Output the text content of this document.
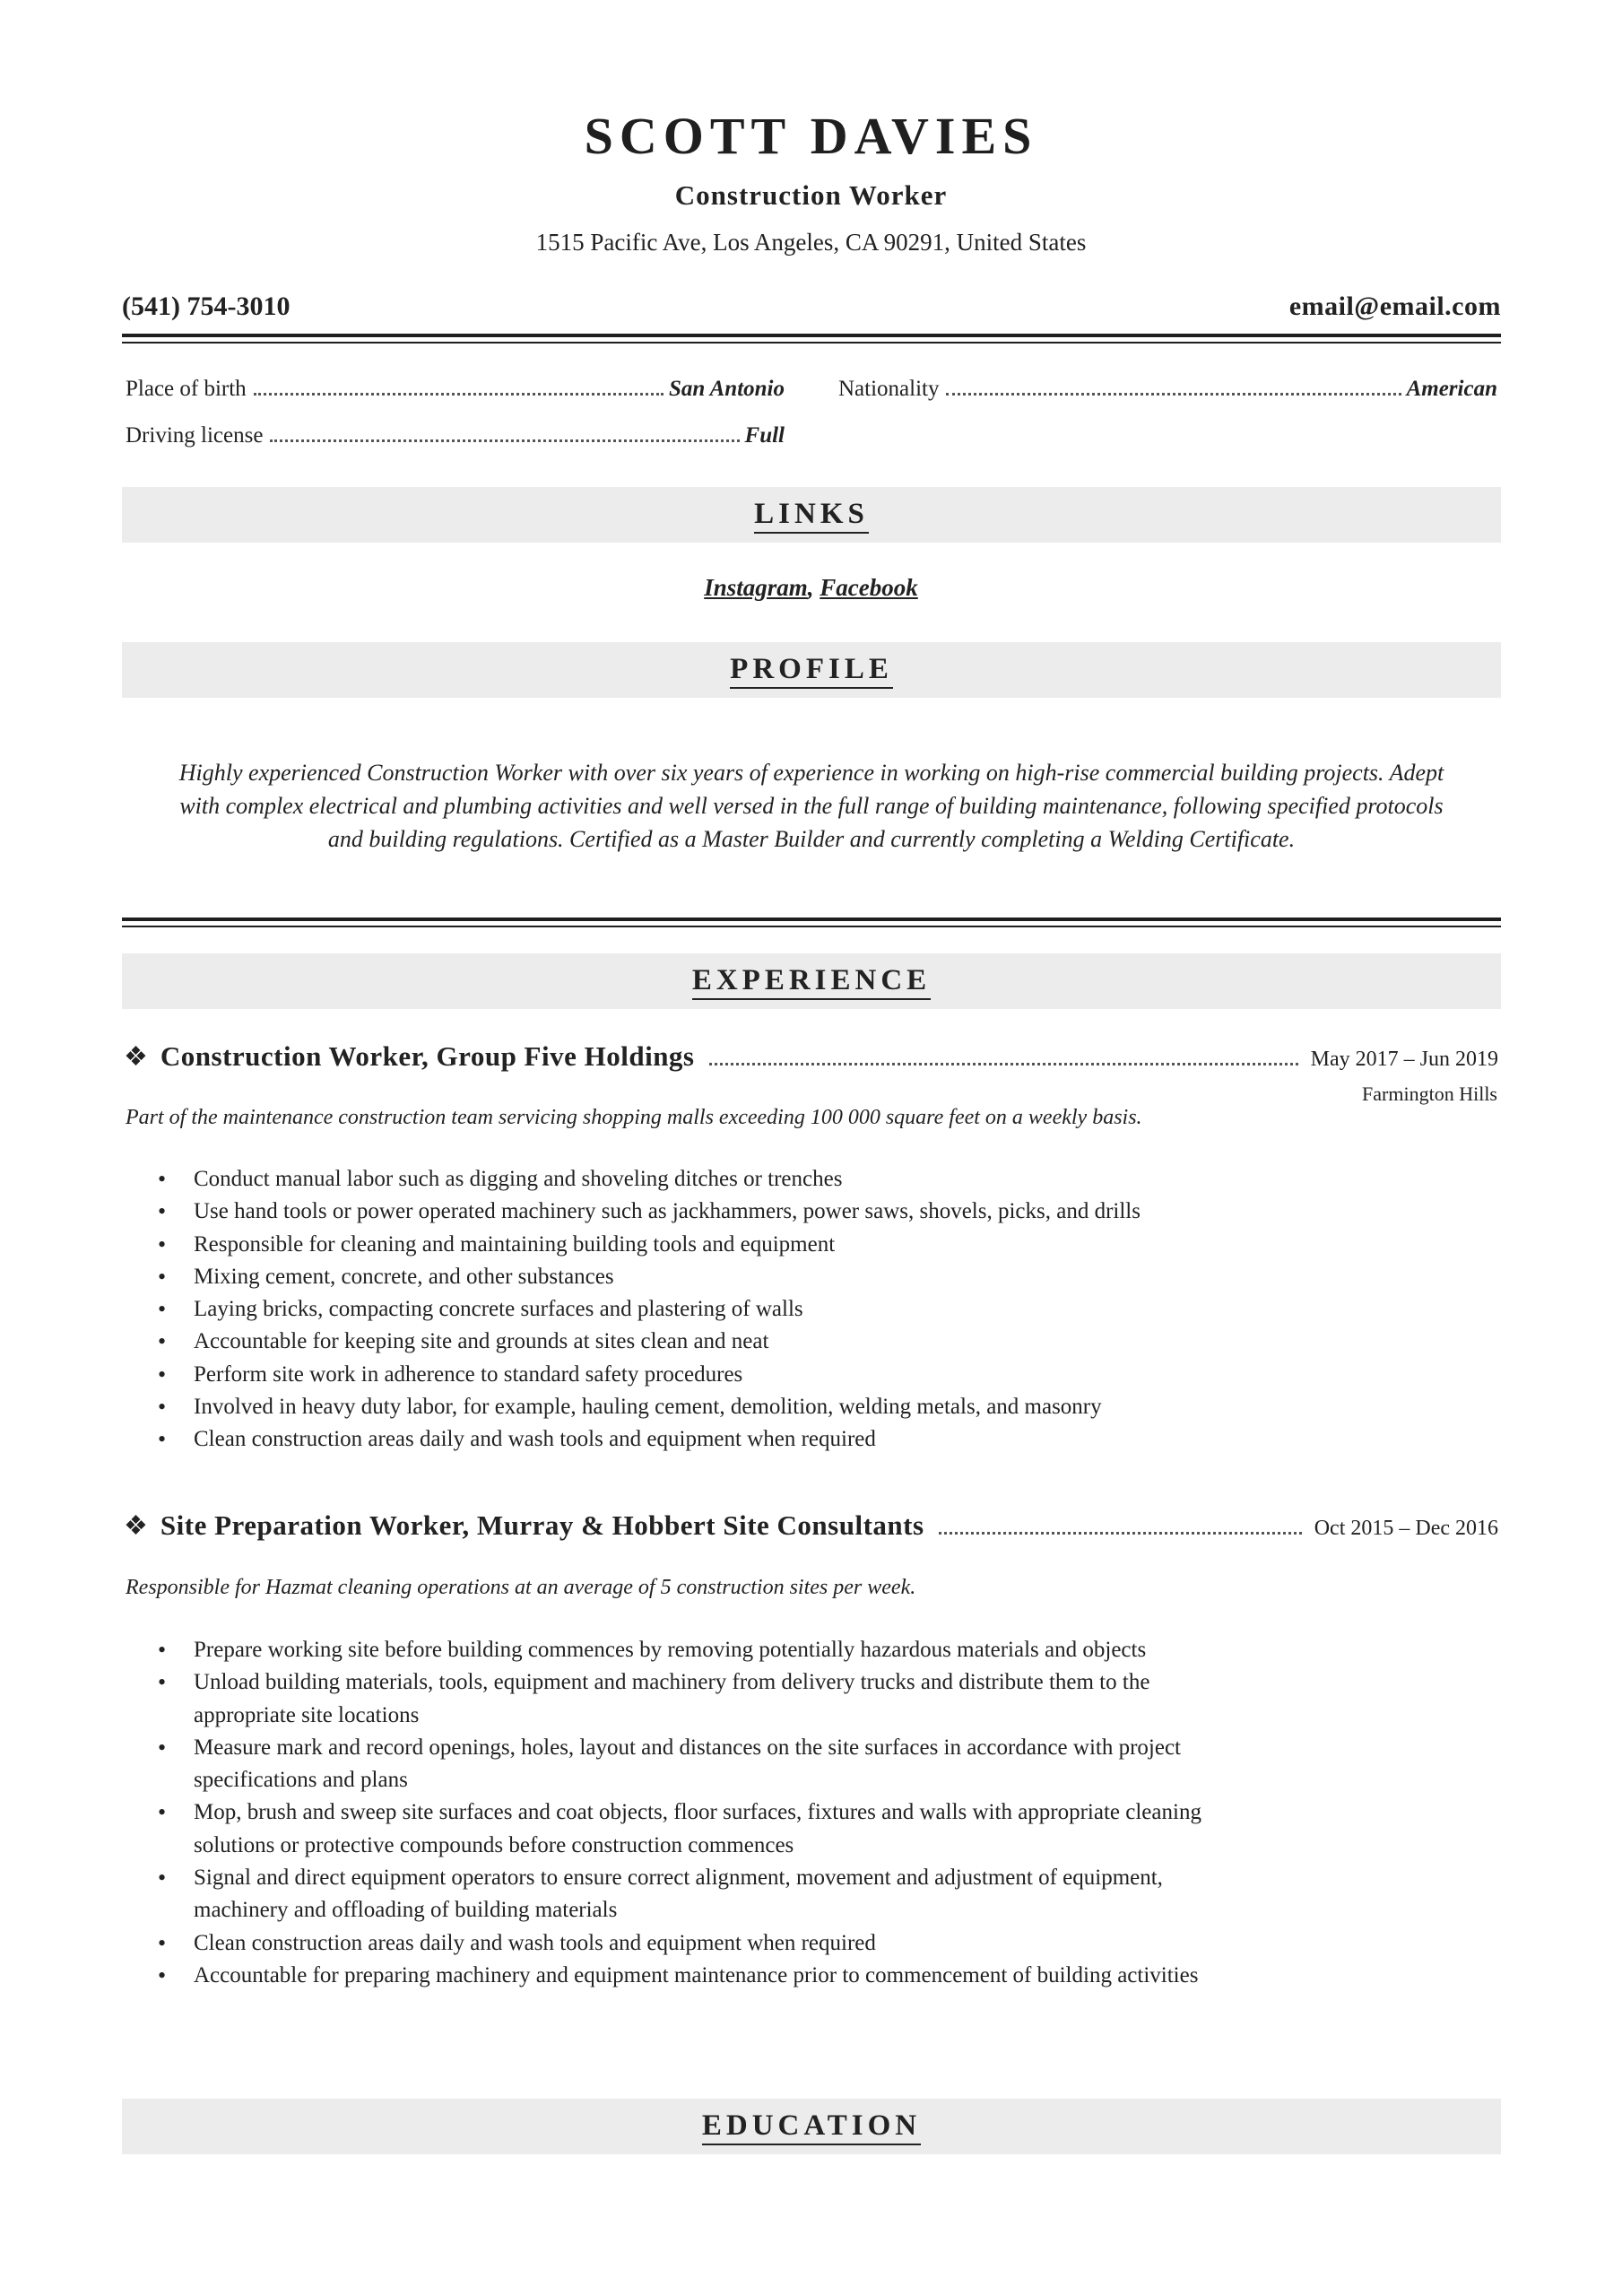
SCOTT DAVIES
Construction Worker
1515 Pacific Ave, Los Angeles, CA 90291, United States
(541) 754-3010	email@email.com
Place of birth	San Antonio Nationality	American
Driving license	Full
LINKS
Instagram, Facebook
PROFILE
Highly experienced Construction Worker with over six years of experience in working on high-rise commercial building projects. Adept with complex electrical and plumbing activities and well versed in the full range of building maintenance, following specified protocols and building regulations. Certified as a Master Builder and currently completing a Welding Certificate.
EXPERIENCE
❖ Construction Worker, Group Five Holdings	May 2017 – Jun 2019
Farmington Hills
Part of the maintenance construction team servicing shopping malls exceeding 100 000 square feet on a weekly basis.
• Conduct manual labor such as digging and shoveling ditches or trenches
• Use hand tools or power operated machinery such as jackhammers, power saws, shovels, picks, and drills
• Responsible for cleaning and maintaining building tools and equipment
• Mixing cement, concrete, and other substances
• Laying bricks, compacting concrete surfaces and plastering of walls
• Accountable for keeping site and grounds at sites clean and neat
• Perform site work in adherence to standard safety procedures
• Involved in heavy duty labor, for example, hauling cement, demolition, welding metals, and masonry
• Clean construction areas daily and wash tools and equipment when required
❖ Site Preparation Worker, Murray & Hobbert Site Consultants	Oct 2015 – Dec 2016
Responsible for Hazmat cleaning operations at an average of 5 construction sites per week.
• Prepare working site before building commences by removing potentially hazardous materials and objects
• Unload building materials, tools, equipment and machinery from delivery trucks and distribute them to the appropriate site locations
• Measure mark and record openings, holes, layout and distances on the site surfaces in accordance with project specifications and plans
• Mop, brush and sweep site surfaces and coat objects, floor surfaces, fixtures and walls with appropriate cleaning solutions or protective compounds before construction commences
• Signal and direct equipment operators to ensure correct alignment, movement and adjustment of equipment, machinery and offloading of building materials
• Clean construction areas daily and wash tools and equipment when required
• Accountable for preparing machinery and equipment maintenance prior to commencement of building activities
EDUCATION
